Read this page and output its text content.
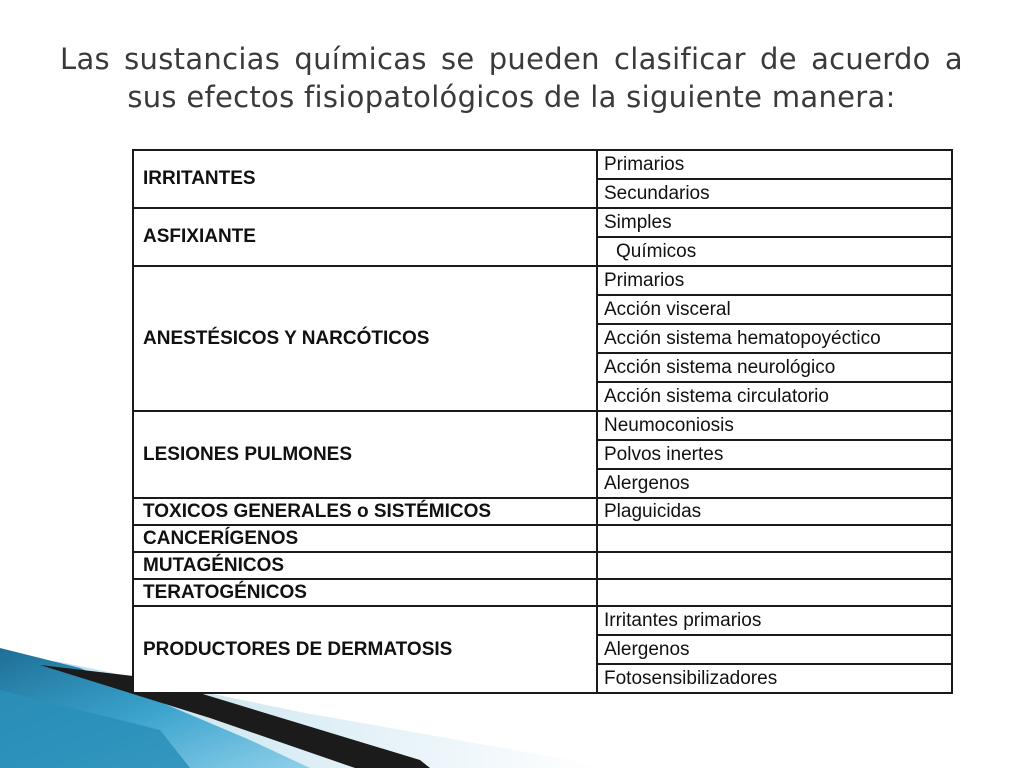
Las sustancias químicas se pueden clasificar de acuerdo a sus efectos fisiopatológicos de la siguiente manera:
IRRITANTES	Primarios
	Secundarios
ASFIXIANTE	Simples
	Químicos
ANESTÉSICOS Y NARCÓTICOS	Primarios
	Acción visceral
	Acción sistema hematopoyéctico
	Acción sistema neurológico
	Acción sistema circulatorio
LESIONES PULMONES	Neumoconiosis
	Polvos inertes
	Alergenos
TOXICOS GENERALES o SISTÉMICOS	Plaguicidas
CANCERÍGENOS	
MUTAGÉNICOS	
TERATOGÉNICOS	
PRODUCTORES DE DERMATOSIS	Irritantes primarios
	Alergenos
	Fotosensibilizadores
